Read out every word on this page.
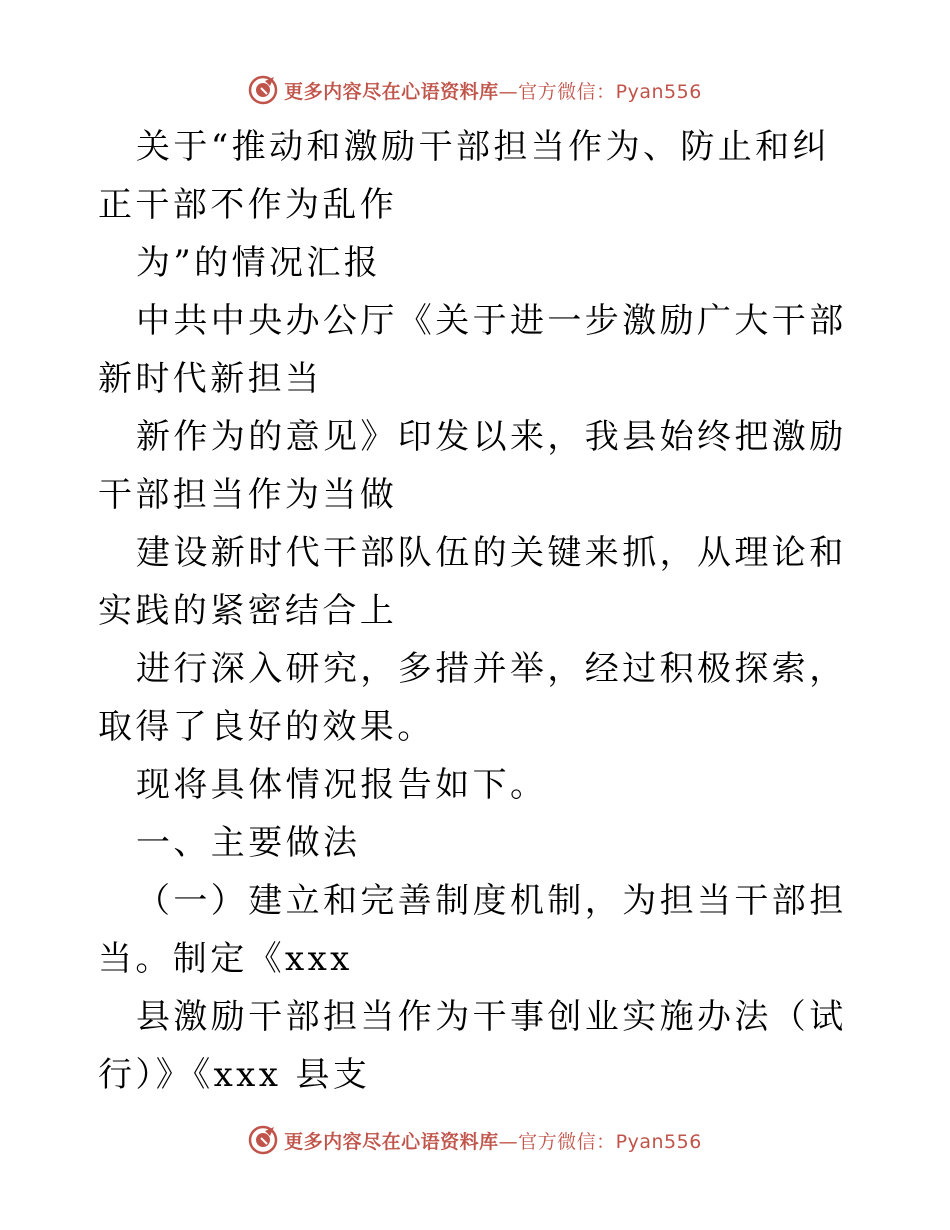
更多内容尽在心语资料库—官方微信：Pyan556

关于“推动和激励干部担当作为、防止和纠正干部不作为乱作

为”的情况汇报

中共中央办公厅《关于进一步激励广大干部新时代新担当

新作为的意见》印发以来，我县始终把激励干部担当作为当做

建设新时代干部队伍的关键来抓，从理论和实践的紧密结合上

进行深入研究，多措并举，经过积极探索，取得了良好的效果。

现将具体情况报告如下。

一、主要做法

（一）建立和完善制度机制，为担当干部担当。制定《xxx

县激励干部担当作为干事创业实施办法（试行）》《xxx 县支

更多内容尽在心语资料库—官方微信：Pyan556
